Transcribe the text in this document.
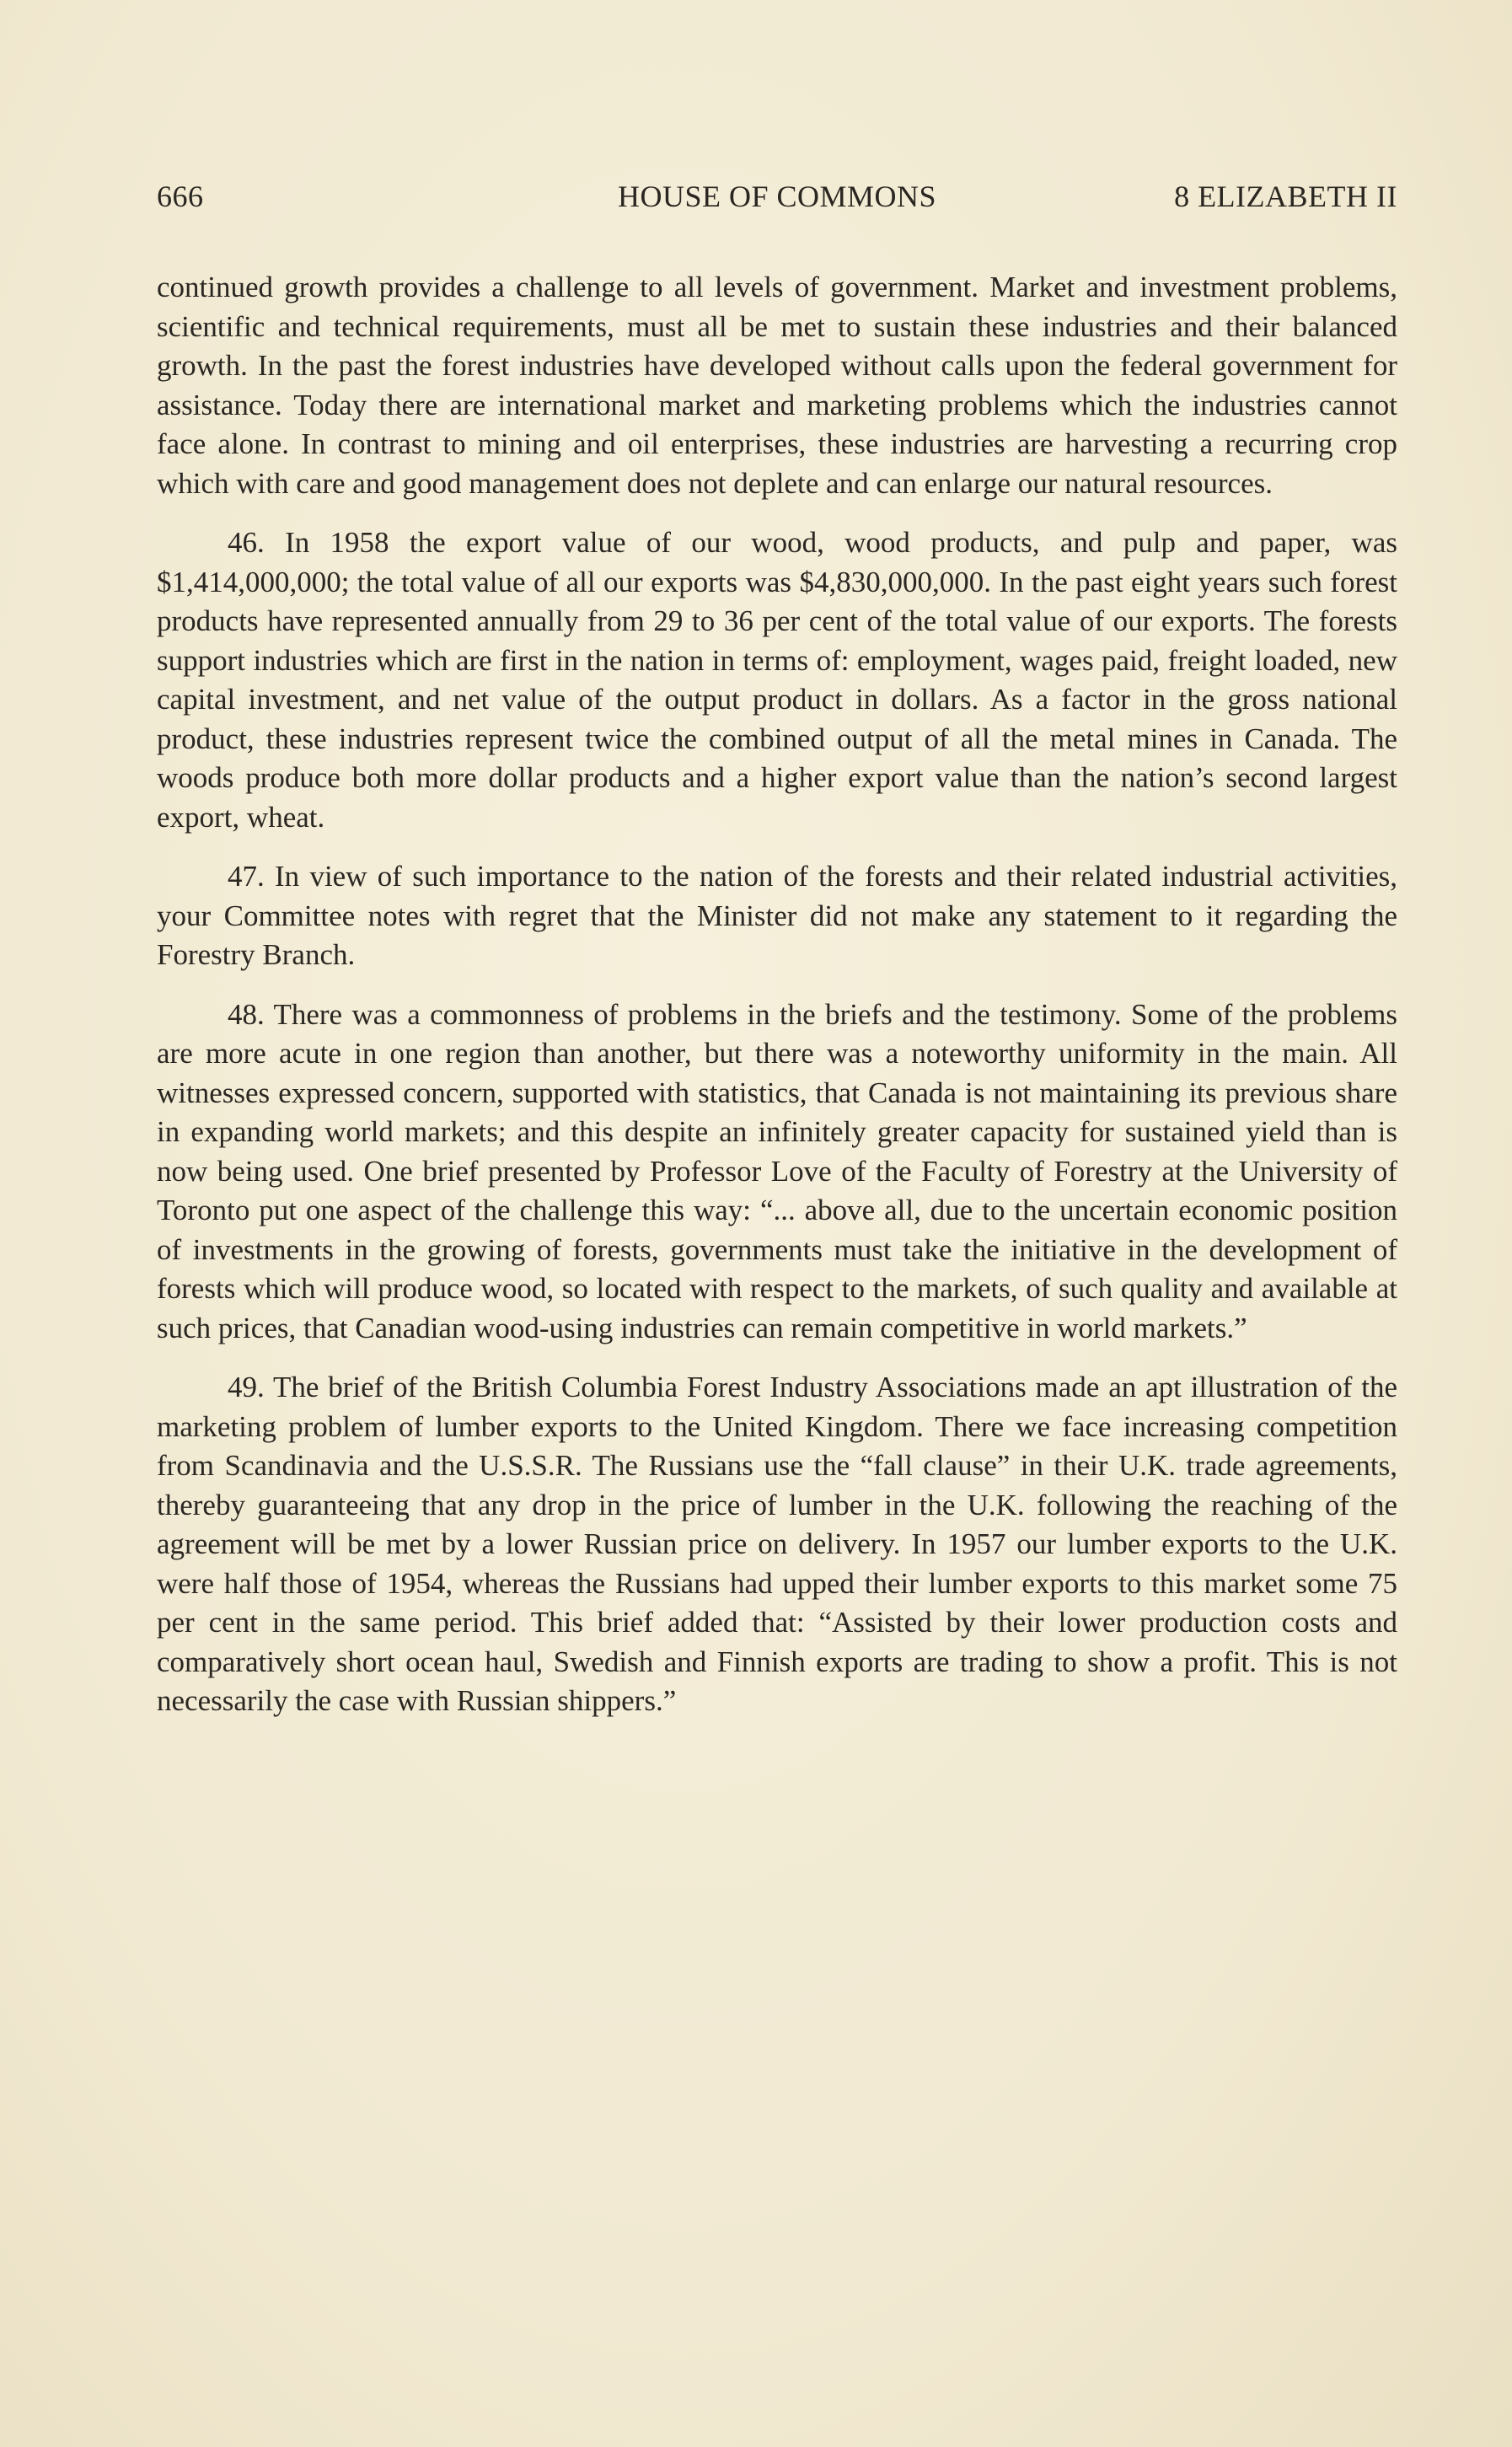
666	HOUSE OF COMMONS	8 ELIZABETH II

continued growth provides a challenge to all levels of government. Market and investment problems, scientific and technical requirements, must all be met to sustain these industries and their balanced growth. In the past the forest industries have developed without calls upon the federal government for assistance. Today there are international market and marketing problems which the industries cannot face alone. In contrast to mining and oil enterprises, these industries are harvesting a recurring crop which with care and good management does not deplete and can enlarge our natural resources.

46. In 1958 the export value of our wood, wood products, and pulp and paper, was $1,414,000,000; the total value of all our exports was $4,830,000,000. In the past eight years such forest products have represented annually from 29 to 36 per cent of the total value of our exports. The forests support industries which are first in the nation in terms of: employment, wages paid, freight loaded, new capital investment, and net value of the output product in dollars. As a factor in the gross national product, these industries represent twice the combined output of all the metal mines in Canada. The woods produce both more dollar products and a higher export value than the nation’s second largest export, wheat.

47. In view of such importance to the nation of the forests and their related industrial activities, your Committee notes with regret that the Minister did not make any statement to it regarding the Forestry Branch.

48. There was a commonness of problems in the briefs and the testimony. Some of the problems are more acute in one region than another, but there was a noteworthy uniformity in the main. All witnesses expressed concern, supported with statistics, that Canada is not maintaining its previous share in expanding world markets; and this despite an infinitely greater capacity for sustained yield than is now being used. One brief presented by Professor Love of the Faculty of Forestry at the University of Toronto put one aspect of the challenge this way: “... above all, due to the uncertain economic position of investments in the growing of forests, governments must take the initiative in the development of forests which will produce wood, so located with respect to the markets, of such quality and available at such prices, that Canadian wood-using industries can remain competitive in world markets.”

49. The brief of the British Columbia Forest Industry Associations made an apt illustration of the marketing problem of lumber exports to the United Kingdom. There we face increasing competition from Scandinavia and the U.S.S.R. The Russians use the “fall clause” in their U.K. trade agreements, thereby guaranteeing that any drop in the price of lumber in the U.K. following the reaching of the agreement will be met by a lower Russian price on delivery. In 1957 our lumber exports to the U.K. were half those of 1954, whereas the Russians had upped their lumber exports to this market some 75 per cent in the same period. This brief added that: “Assisted by their lower production costs and comparatively short ocean haul, Swedish and Finnish exports are trading to show a profit. This is not necessarily the case with Russian shippers.”
